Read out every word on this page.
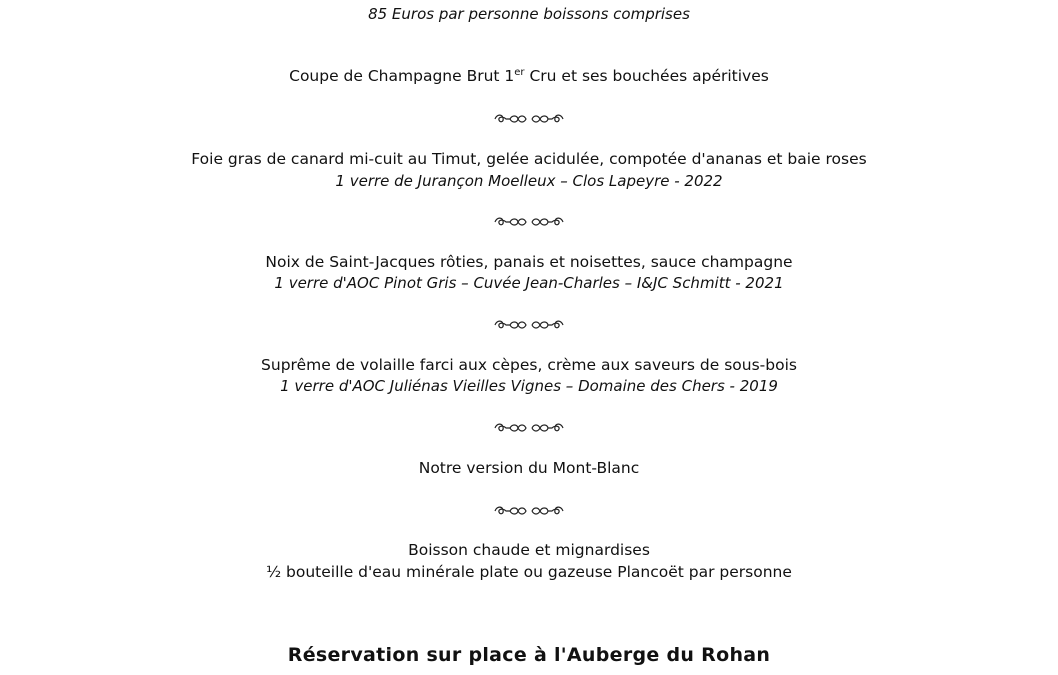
85 Euros par personne boissons comprises
Coupe de Champagne Brut 1er Cru et ses bouchées apéritives
Foie gras de canard mi-cuit au Timut, gelée acidulée, compotée d'ananas et baie roses
1 verre de Jurançon Moelleux – Clos Lapeyre - 2022
Noix de Saint-Jacques rôties, panais et noisettes, sauce champagne
1 verre d'AOC Pinot Gris – Cuvée Jean-Charles – I&JC Schmitt - 2021
Suprême de volaille farci aux cèpes, crème aux saveurs de sous-bois
1 verre d'AOC Juliénas Vieilles Vignes – Domaine des Chers - 2019
Notre version du Mont-Blanc
Boisson chaude et mignardises
½ bouteille d'eau minérale plate ou gazeuse Plancoët par personne
Réservation sur place à l'Auberge du Rohan
